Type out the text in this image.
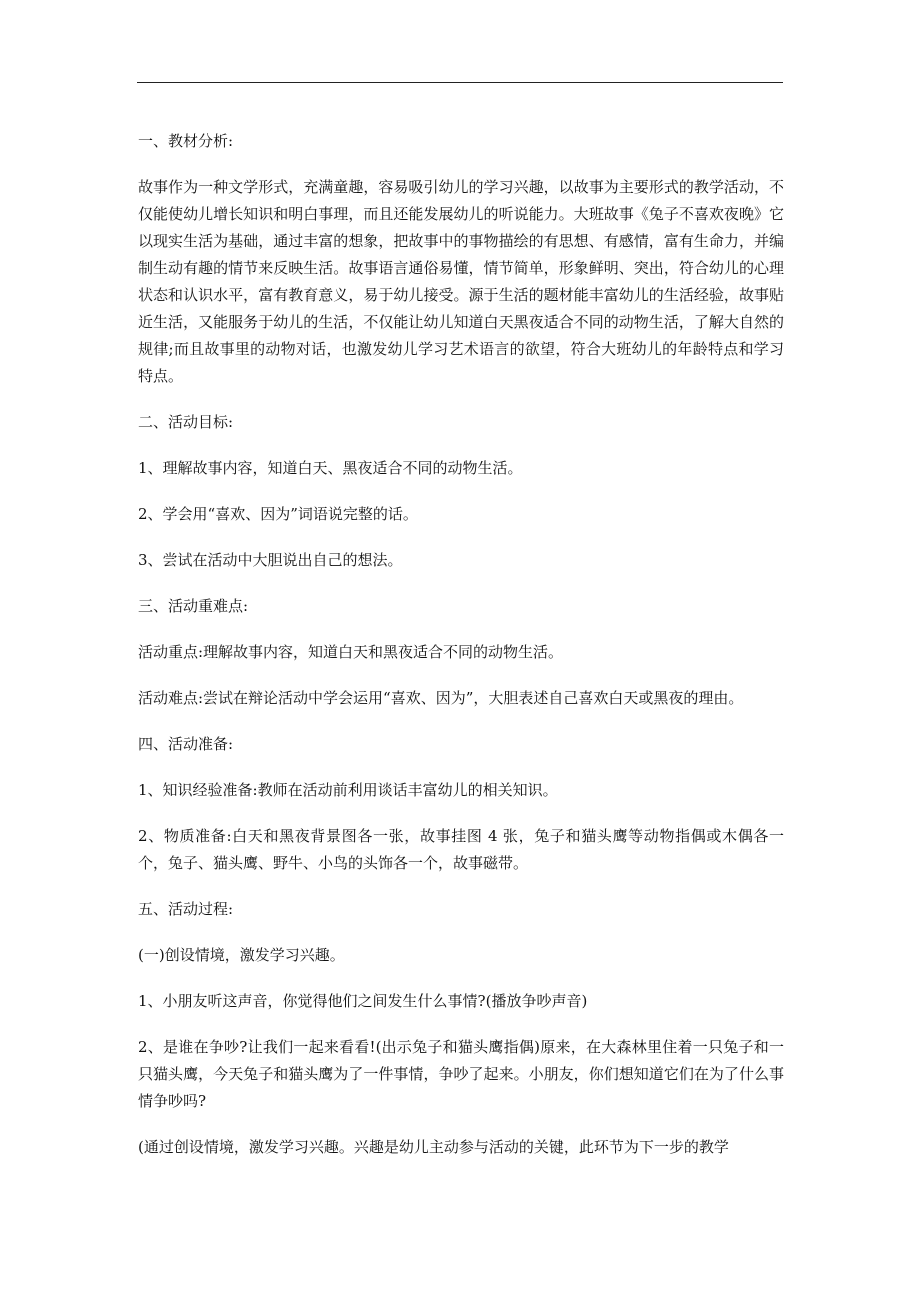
一、教材分析:

故事作为一种文学形式，充满童趣，容易吸引幼儿的学习兴趣，以故事为主要形式的教学活动，不仅能使幼儿增长知识和明白事理，而且还能发展幼儿的听说能力。大班故事《兔子不喜欢夜晚》它以现实生活为基础，通过丰富的想象，把故事中的事物描绘的有思想、有感情，富有生命力，并编制生动有趣的情节来反映生活。故事语言通俗易懂，情节简单，形象鲜明、突出，符合幼儿的心理状态和认识水平，富有教育意义，易于幼儿接受。源于生活的题材能丰富幼儿的生活经验，故事贴近生活，又能服务于幼儿的生活，不仅能让幼儿知道白天黑夜适合不同的动物生活，了解大自然的规律;而且故事里的动物对话，也激发幼儿学习艺术语言的欲望，符合大班幼儿的年龄特点和学习特点。

二、活动目标:

1、理解故事内容，知道白天、黑夜适合不同的动物生活。

2、学会用“喜欢、因为”词语说完整的话。

3、尝试在活动中大胆说出自己的想法。

三、活动重难点:

活动重点:理解故事内容，知道白天和黑夜适合不同的动物生活。

活动难点:尝试在辩论活动中学会运用“喜欢、因为”，大胆表述自己喜欢白天或黑夜的理由。

四、活动准备:

1、知识经验准备:教师在活动前利用谈话丰富幼儿的相关知识。

2、物质准备:白天和黑夜背景图各一张，故事挂图 4 张，兔子和猫头鹰等动物指偶或木偶各一个，兔子、猫头鹰、野牛、小鸟的头饰各一个，故事磁带。

五、活动过程:

(一)创设情境，激发学习兴趣。

1、小朋友听这声音，你觉得他们之间发生什么事情?(播放争吵声音)

2、是谁在争吵?让我们一起来看看!(出示兔子和猫头鹰指偶)原来，在大森林里住着一只兔子和一只猫头鹰，今天兔子和猫头鹰为了一件事情，争吵了起来。小朋友，你们想知道它们在为了什么事情争吵吗?

(通过创设情境，激发学习兴趣。兴趣是幼儿主动参与活动的关键，此环节为下一步的教学
